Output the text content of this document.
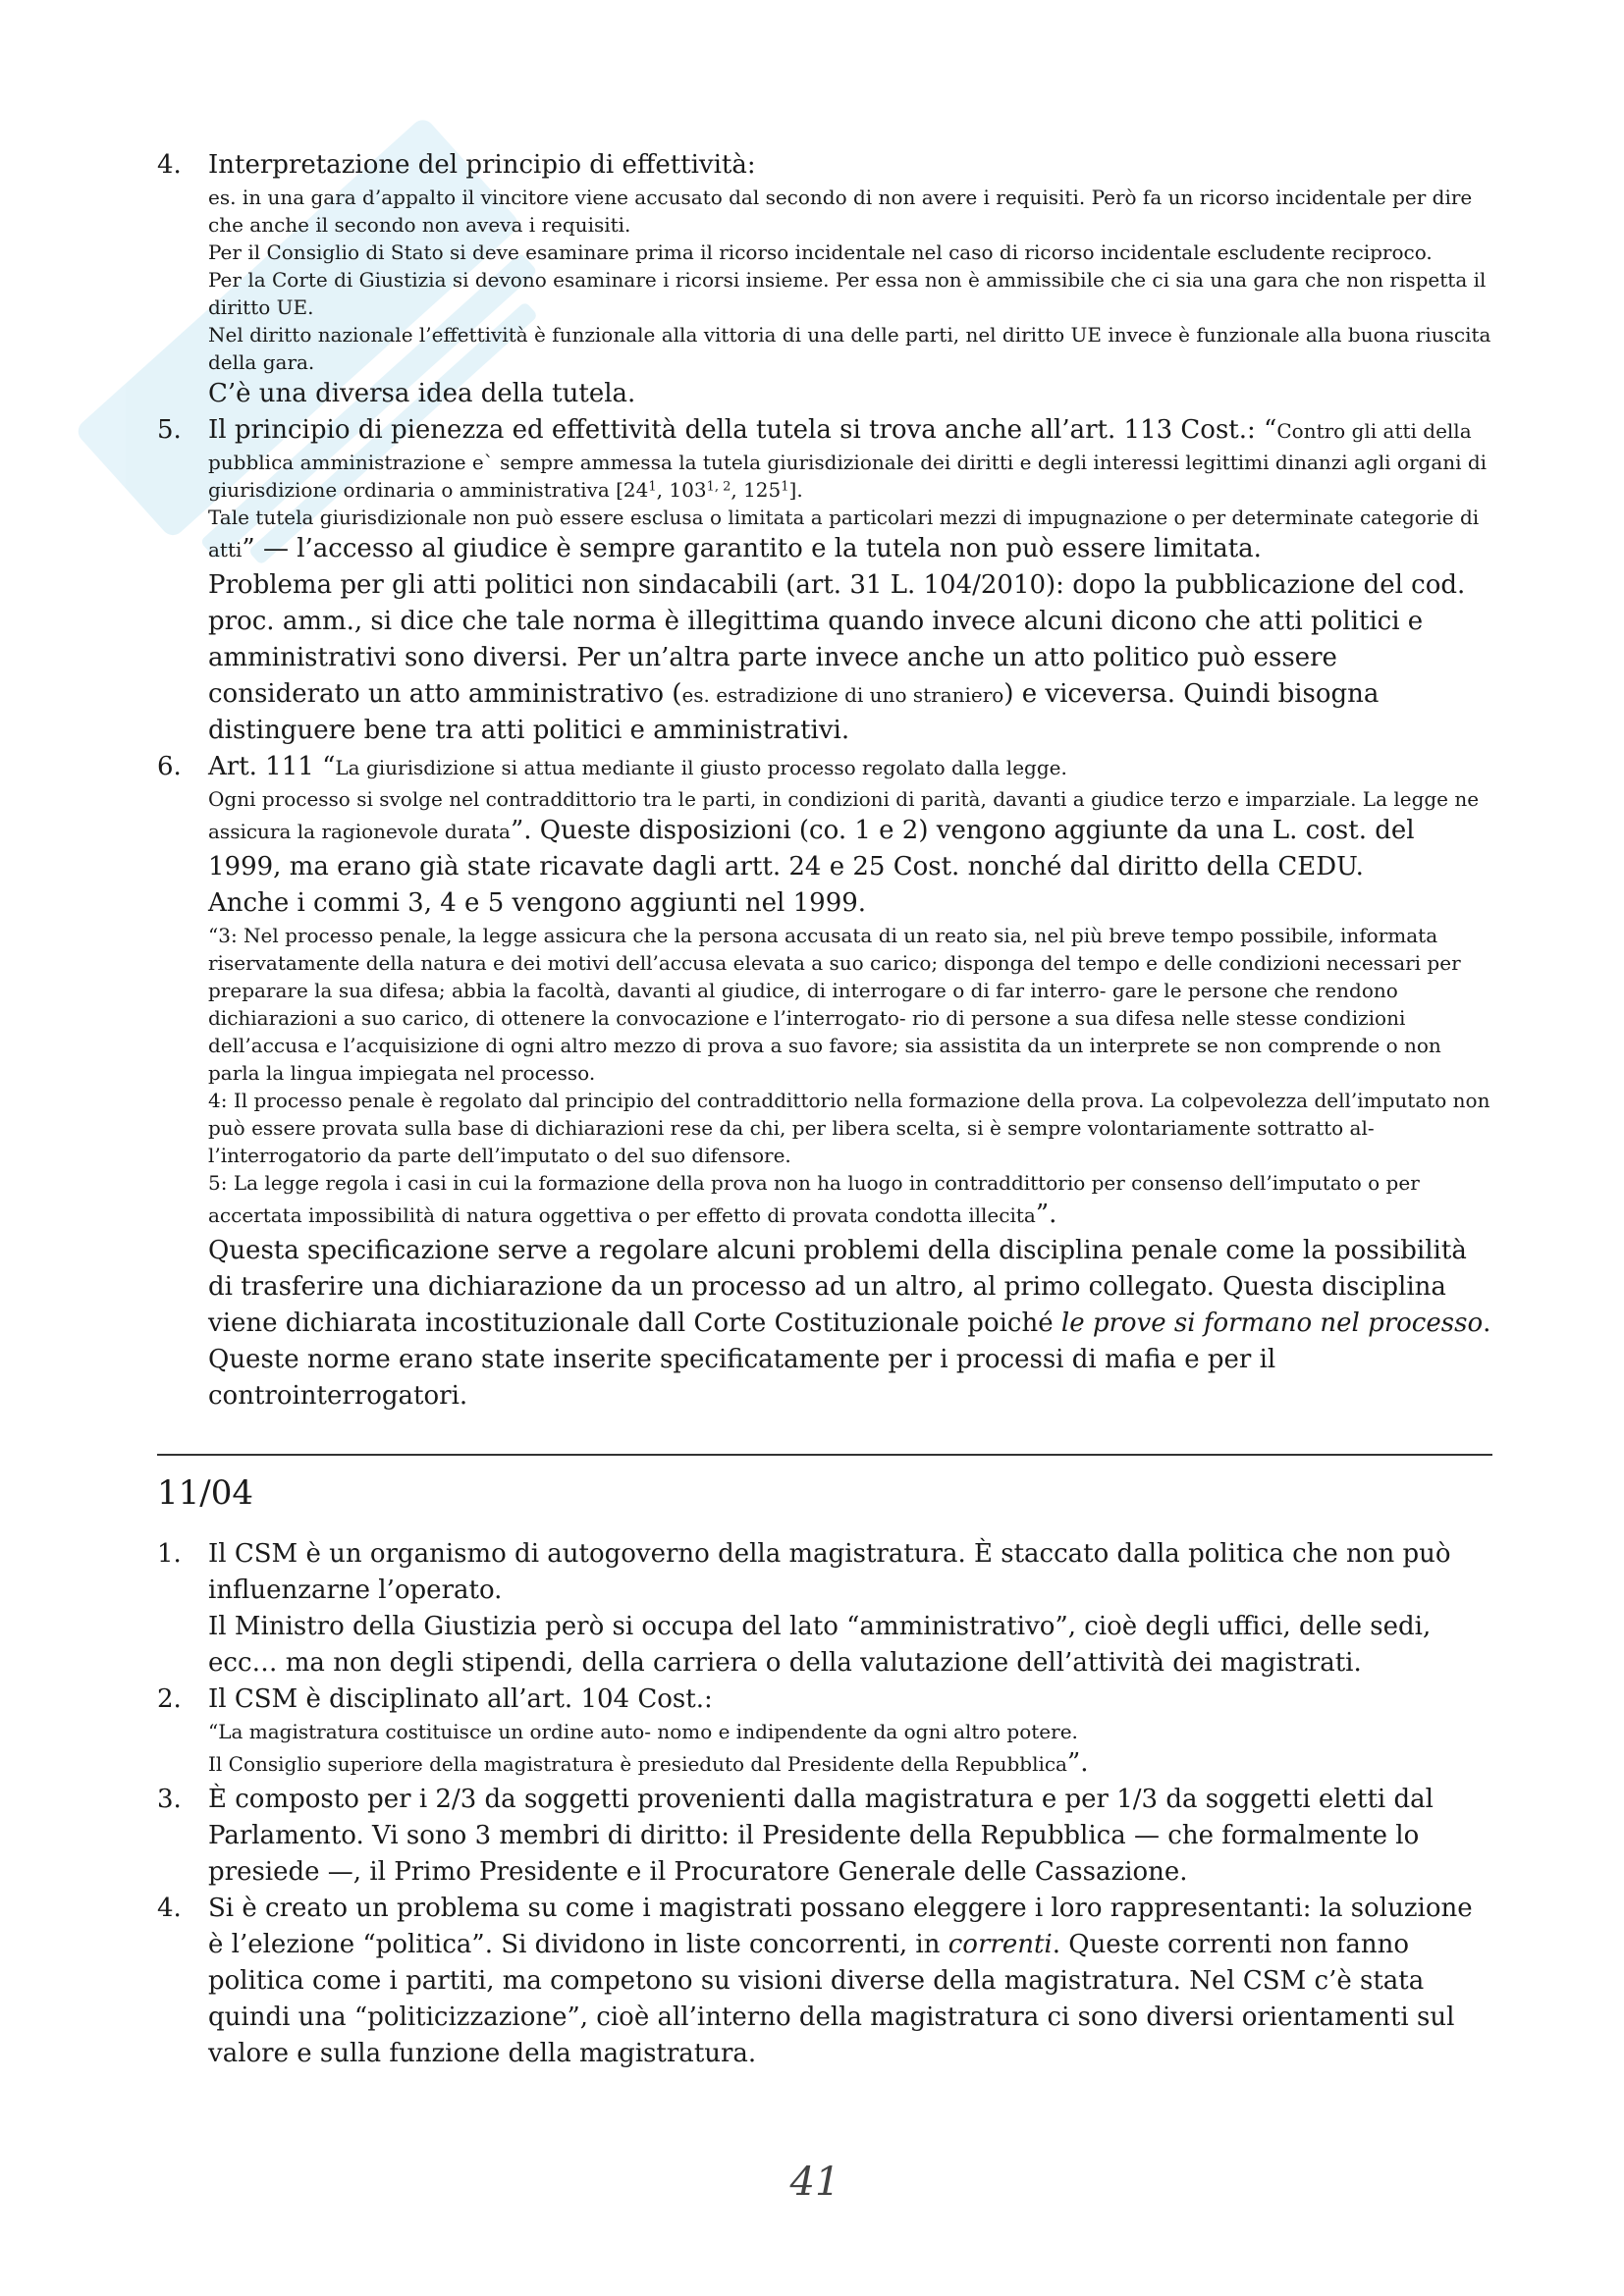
4. Interpretazione del principio di effettività:
es. in una gara d’appalto il vincitore viene accusato dal secondo di non avere i requisiti. Però fa un ricorso incidentale per dire che anche il secondo non aveva i requisiti.
Per il Consiglio di Stato si deve esaminare prima il ricorso incidentale nel caso di ricorso incidentale escludente reciproco.
Per la Corte di Giustizia si devono esaminare i ricorsi insieme. Per essa non è ammissibile che ci sia una gara che non rispetta il diritto UE.
Nel diritto nazionale l’effettività è funzionale alla vittoria di una delle parti, nel diritto UE invece è funzionale alla buona riuscita della gara.
C’è una diversa idea della tutela.
5. Il principio di pienezza ed effettività della tutela si trova anche all’art. 113 Cost.: “Contro gli atti della pubblica amministrazione e` sempre ammessa la tutela giurisdizionale dei diritti e degli interessi legittimi dinanzi agli organi di giurisdizione ordinaria o amministrativa [$24^1$, 103$^{1, 2}$, $125^1$].
Tale tutela giurisdizionale non può essere esclusa o limitata a particolari mezzi di impugnazione o per determinate categorie di atti” — l’accesso al giudice è sempre garantito e la tutela non può essere limitata.
Problema per gli atti politici non sindacabili (art. 31 L. 104/2010): dopo la pubblicazione del cod. proc. amm., si dice che tale norma è illegittima quando invece alcuni dicono che atti politici e amministrativi sono diversi. Per un’altra parte invece anche un atto politico può essere considerato un atto amministrativo (es. estradizione di uno straniero) e viceversa. Quindi bisogna distinguere bene tra atti politici e amministrativi.
6. Art. 111 “La giurisdizione si attua mediante il giusto processo regolato dalla legge.
Ogni processo si svolge nel contraddittorio tra le parti, in condizioni di parità, davanti a giudice terzo e imparziale. La legge ne assicura la ragionevole durata”. Queste disposizioni (co. 1 e 2) vengono aggiunte da una L. cost. del 1999, ma erano già state ricavate dagli artt. 24 e 25 Cost. nonché dal diritto della CEDU.
Anche i commi 3, 4 e 5 vengono aggiunti nel 1999.
“3: Nel processo penale, la legge assicura che la persona accusata di un reato sia, nel più breve tempo possibile, informata riservatamente della natura e dei motivi dell’accusa elevata a suo carico; disponga del tempo e delle condizioni necessari per preparare la sua difesa; abbia la facoltà, davanti al giudice, di interrogare o di far interro- gare le persone che rendono dichiarazioni a suo carico, di ottenere la convocazione e l’interrogato- rio di persone a sua difesa nelle stesse condizioni dell’accusa e l’acquisizione di ogni altro mezzo di prova a suo favore; sia assistita da un interprete se non comprende o non parla la lingua impiegata nel processo.
4: Il processo penale è regolato dal principio del contraddittorio nella formazione della prova. La colpevolezza dell’imputato non può essere provata sulla base di dichiarazioni rese da chi, per libera scelta, si è sempre volontariamente sottratto al- l’interrogatorio da parte dell’imputato o del suo difensore.
5: La legge regola i casi in cui la formazione della prova non ha luogo in contraddittorio per consenso dell’imputato o per accertata impossibilità di natura oggettiva o per effetto di provata condotta illecita”.
Questa specificazione serve a regolare alcuni problemi della disciplina penale come la possibilità di trasferire una dichiarazione da un processo ad un altro, al primo collegato. Questa disciplina viene dichiarata incostituzionale dall Corte Costituzionale poiché le prove si formano nel processo. Queste norme erano state inserite specificatamente per i processi di mafia e per il controinterrogatori.
11/04
1. Il CSM è un organismo di autogoverno della magistratura. È staccato dalla politica che non può influenzarne l’operato.
Il Ministro della Giustizia però si occupa del lato “amministrativo”, cioè degli uffici, delle sedi, ecc… ma non degli stipendi, della carriera o della valutazione dell’attività dei magistrati.
2. Il CSM è disciplinato all’art. 104 Cost.:
“La magistratura costituisce un ordine auto- nomo e indipendente da ogni altro potere.
Il Consiglio superiore della magistratura è presieduto dal Presidente della Repubblica”.
3. È composto per i 2/3 da soggetti provenienti dalla magistratura e per 1/3 da soggetti eletti dal Parlamento. Vi sono 3 membri di diritto: il Presidente della Repubblica — che formalmente lo presiede —, il Primo Presidente e il Procuratore Generale delle Cassazione.
4. Si è creato un problema su come i magistrati possano eleggere i loro rappresentanti: la soluzione è l’elezione “politica”. Si dividono in liste concorrenti, in correnti. Queste correnti non fanno politica come i partiti, ma competono su visioni diverse della magistratura. Nel CSM c’è stata quindi una “politicizzazione”, cioè all’interno della magistratura ci sono diversi orientamenti sul valore e sulla funzione della magistratura.
41
